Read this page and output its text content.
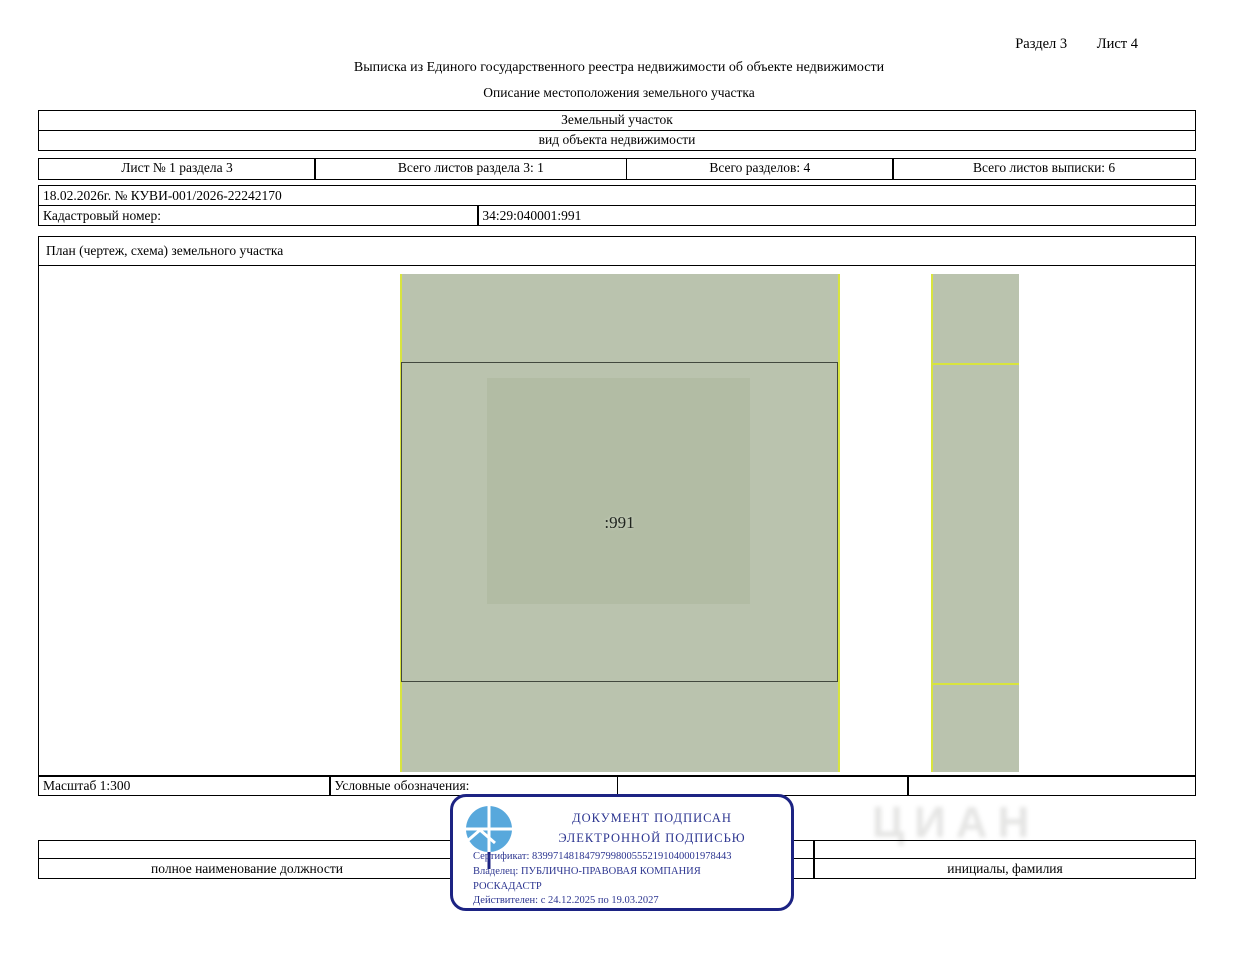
Раздел 3 Лист 4
Выписка из Единого государственного реестра недвижимости об объекте недвижимости
Описание местоположения земельного участка
Земельный участок
вид объекта недвижимости
Лист № 1 раздела 3	Всего листов раздела 3: 1	Всего разделов: 4	Всего листов выписки: 6
18.02.2026г. № КУВИ-001/2026-22242170
Кадастровый номер:	34:29:040001:991
План (чертеж, схема) земельного участка
:991
Масштаб 1:300	Условные обозначения:
ЦИАН
полное наименование должности	инициалы, фамилия
ДОКУМЕНТ ПОДПИСАН
ЭЛЕКТРОННОЙ ПОДПИСЬЮ
Сертификат: 83997148184797998005552191040001978443
Владелец: ПУБЛИЧНО-ПРАВОВАЯ КОМПАНИЯ
РОСКАДАСТР
Действителен: с 24.12.2025 по 19.03.2027
